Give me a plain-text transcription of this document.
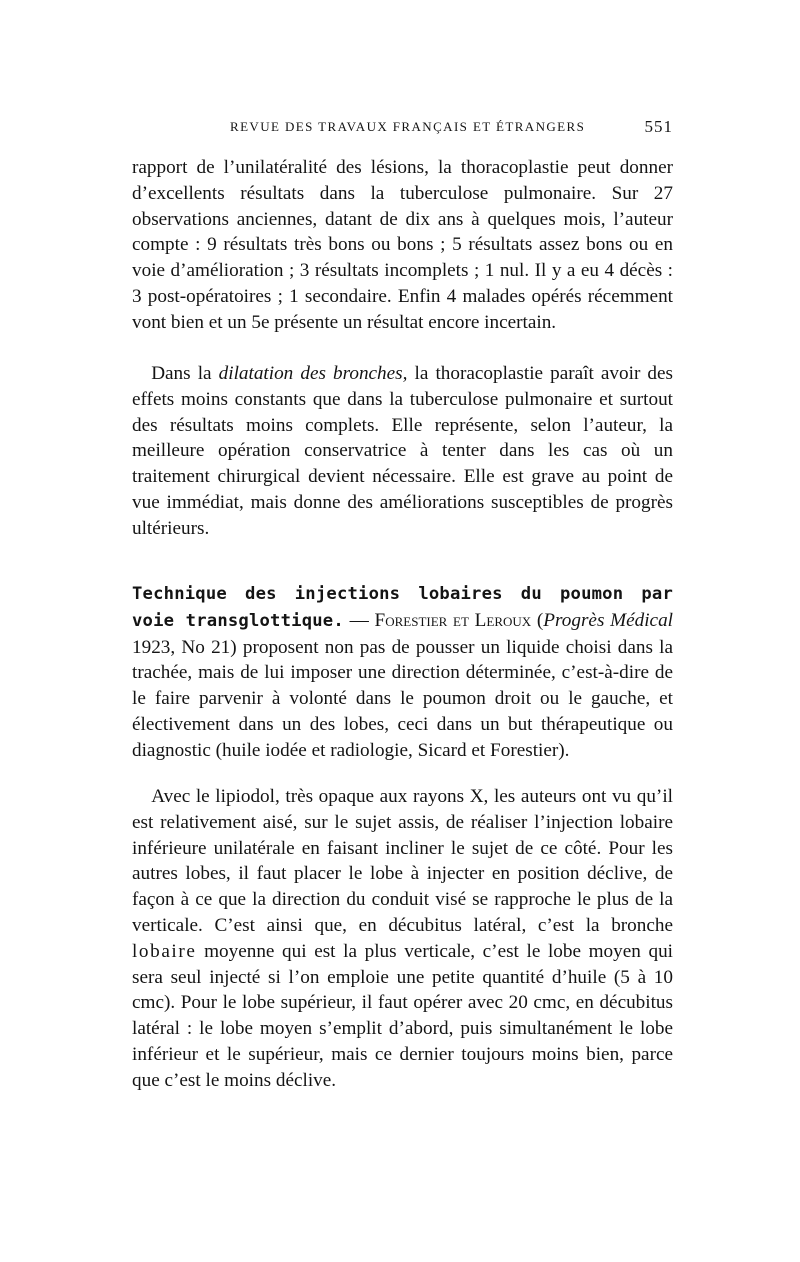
REVUE DES TRAVAUX FRANÇAIS ET ÉTRANGERS	551

rapport de l’unilatéralité des lésions, la thoracoplastie peut donner d’excellents résultats dans la tuberculose pulmonaire. Sur 27 observations anciennes, datant de dix ans à quelques mois, l’auteur compte : 9 résultats très bons ou bons ; 5 résultats assez bons ou en voie d’amélioration ; 3 résultats incomplets ; 1 nul. Il y a eu 4 décès : 3 post-opératoires ; 1 secondaire. Enfin 4 malades opérés récemment vont bien et un 5e présente un résultat encore incertain.

 Dans la dilatation des bronches, la thoracoplastie paraît avoir des effets moins constants que dans la tuberculose pulmonaire et surtout des résultats moins complets. Elle représente, selon l’auteur, la meilleure opération conservatrice à tenter dans les cas où un traitement chirurgical devient nécessaire. Elle est grave au point de vue immédiat, mais donne des améliorations susceptibles de progrès ultérieurs.

Technique des injections lobaires du poumon par voie transglottique. — Forestier et Leroux (Progrès Médical 1923, No 21) proposent non pas de pousser un liquide choisi dans la trachée, mais de lui imposer une direction déterminée, c’est-à-dire de le faire parvenir à volonté dans le poumon droit ou le gauche, et électivement dans un des lobes, ceci dans un but thérapeutique ou diagnostic (huile iodée et radiologie, Sicard et Forestier).

 Avec le lipiodol, très opaque aux rayons X, les auteurs ont vu qu’il est relativement aisé, sur le sujet assis, de réaliser l’injection lobaire inférieure unilatérale en faisant incliner le sujet de ce côté. Pour les autres lobes, il faut placer le lobe à injecter en position déclive, de façon à ce que la direction du conduit visé se rapproche le plus de la verticale. C’est ainsi que, en décubitus latéral, c’est la bronche lobaire moyenne qui est la plus verticale, c’est le lobe moyen qui sera seul injecté si l’on emploie une petite quantité d’huile (5 à 10 cmc). Pour le lobe supérieur, il faut opérer avec 20 cmc, en décubitus latéral : le lobe moyen s’emplit d’abord, puis simultanément le lobe inférieur et le supérieur, mais ce dernier toujours moins bien, parce que c’est le moins déclive.
